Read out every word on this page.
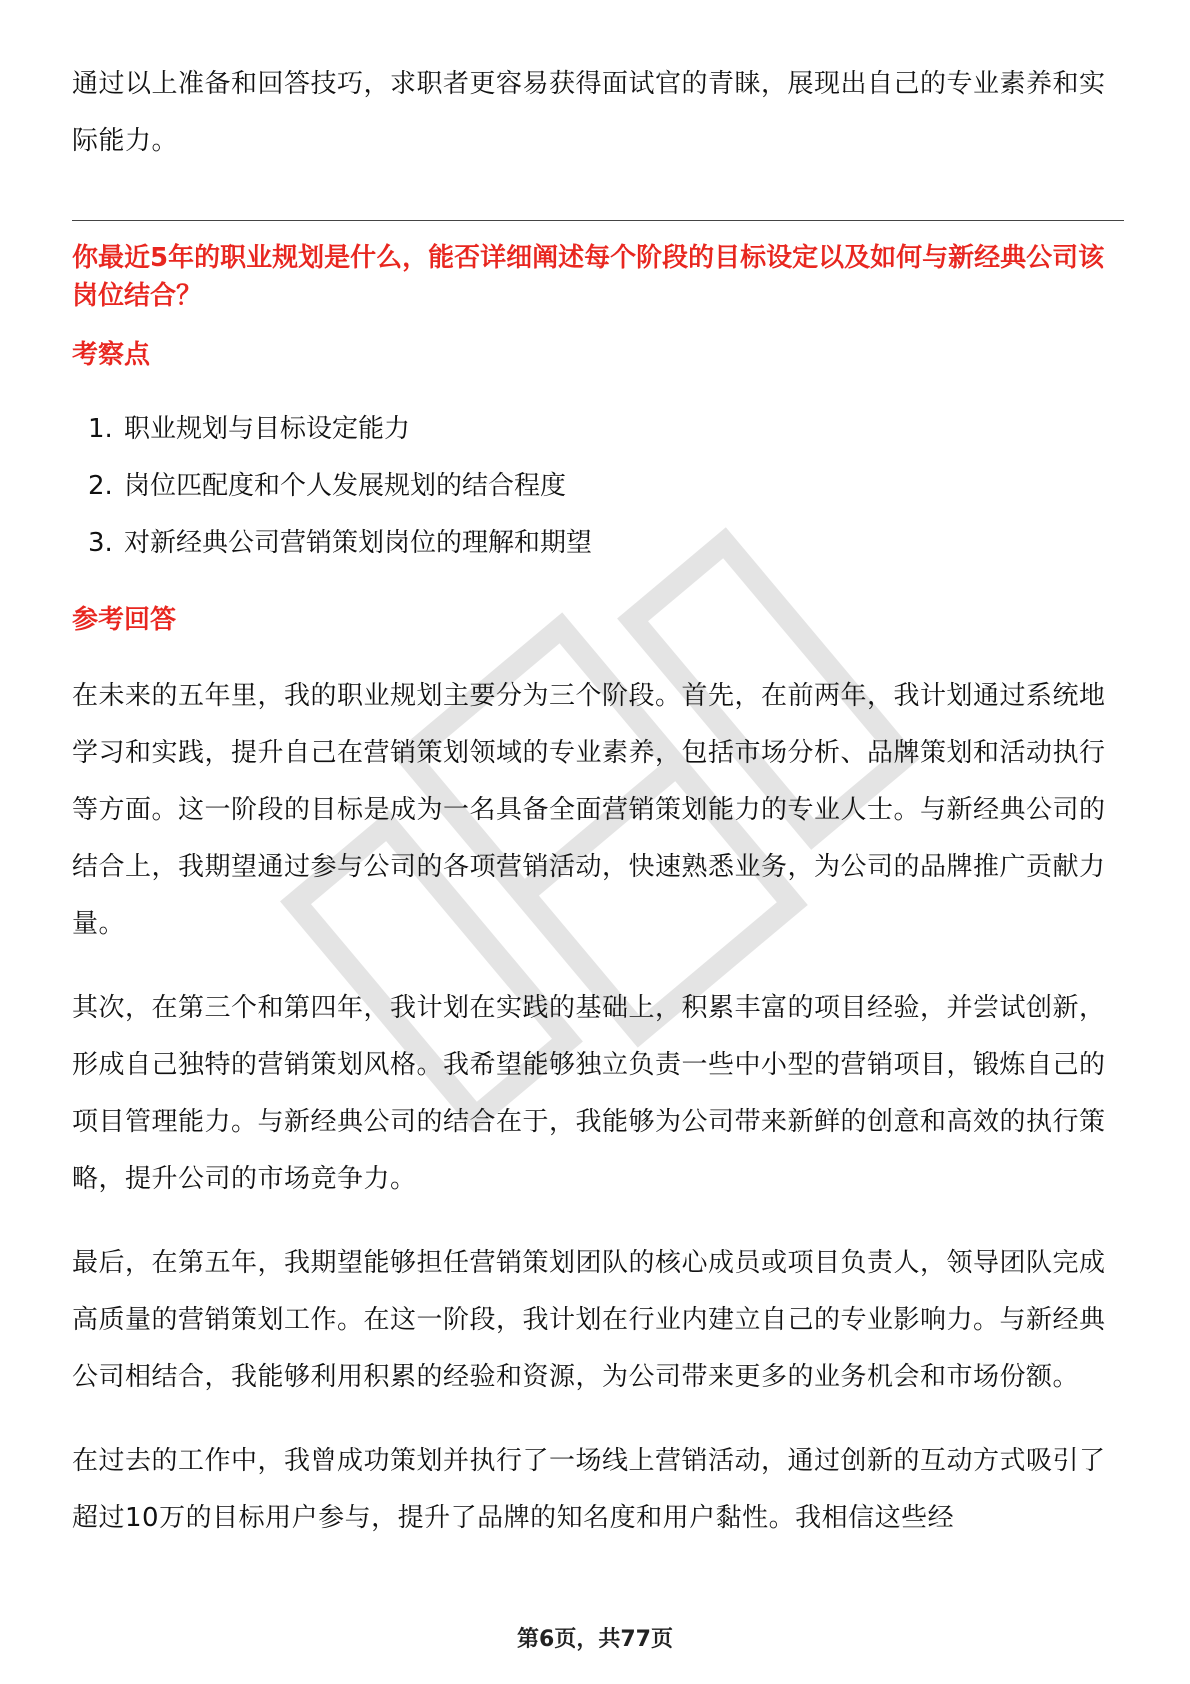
通过以上准备和回答技巧，求职者更容易获得面试官的青睐，展现出自己的专业素养和实际能力。

你最近5年的职业规划是什么，能否详细阐述每个阶段的目标设定以及如何与新经典公司该岗位结合？

考察点

1. 职业规划与目标设定能力
2. 岗位匹配度和个人发展规划的结合程度
3. 对新经典公司营销策划岗位的理解和期望

参考回答

在未来的五年里，我的职业规划主要分为三个阶段。首先，在前两年，我计划通过系统地学习和实践，提升自己在营销策划领域的专业素养，包括市场分析、品牌策划和活动执行等方面。这一阶段的目标是成为一名具备全面营销策划能力的专业人士。与新经典公司的结合上，我期望通过参与公司的各项营销活动，快速熟悉业务，为公司的品牌推广贡献力量。

其次，在第三个和第四年，我计划在实践的基础上，积累丰富的项目经验，并尝试创新，形成自己独特的营销策划风格。我希望能够独立负责一些中小型的营销项目，锻炼自己的项目管理能力。与新经典公司的结合在于，我能够为公司带来新鲜的创意和高效的执行策略，提升公司的市场竞争力。

最后，在第五年，我期望能够担任营销策划团队的核心成员或项目负责人，领导团队完成高质量的营销策划工作。在这一阶段，我计划在行业内建立自己的专业影响力。与新经典公司相结合，我能够利用积累的经验和资源，为公司带来更多的业务机会和市场份额。

在过去的工作中，我曾成功策划并执行了一场线上营销活动，通过创新的互动方式吸引了超过10万的目标用户参与，提升了品牌的知名度和用户黏性。我相信这些经

第6页，共77页
